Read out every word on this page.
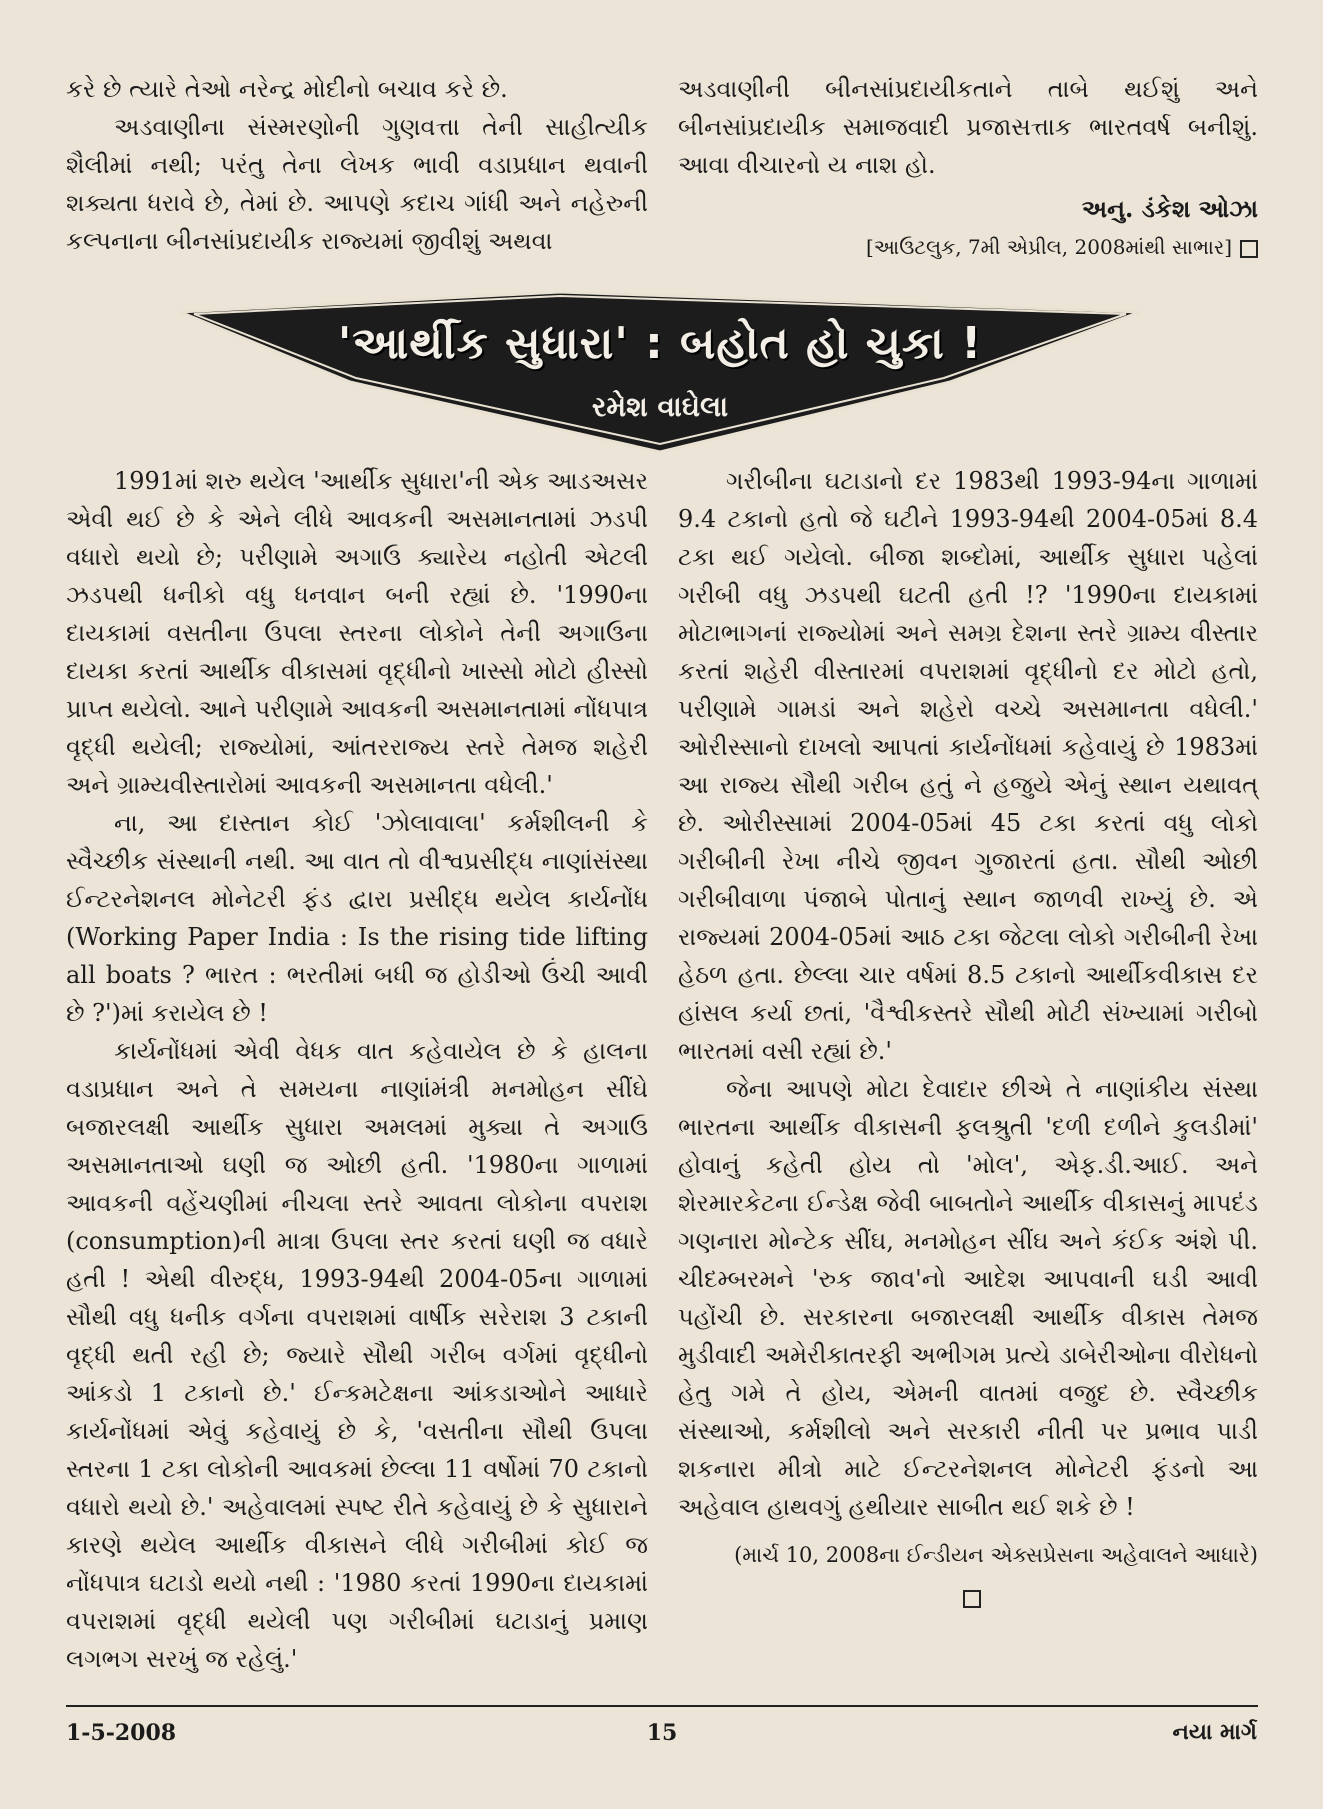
કરે છે ત્યારે તેઓ નરેન્દ્ર મોદીનો બચાવ કરે છે.

અડવાણીના સંસ્મરણોની ગુણવત્તા તેની સાહીત્યીક શૈલીમાં નથી; પરંતુ તેના લેખક ભાવી વડાપ્રધાન થવાની શક્યતા ધરાવે છે, તેમાં છે. આપણે કદાચ ગાંધી અને નહેરુની કલ્પનાના બીનસાંપ્રદાયીક રાજ્યમાં જીવીશું અથવા

અડવાણીની બીનસાંપ્રદાયીકતાને તાબે થઈશું અને બીનસાંપ્રદાયીક સમાજવાદી પ્રજાસત્તાક ભારતવર્ષ બનીશું. આવા વીચારનો ય નાશ હો.

અનુ. ડંકેશ ઓઝા

[આઉટલુક, 7મી એપ્રીલ, 2008માંથી સાભાર]

'આર્થીક સુધારા' : બહોત હો ચુકા !
રમેશ વાઘેલા

1991માં શરુ થયેલ 'આર્થીક સુધારા'ની એક આડઅસર એવી થઈ છે કે એને લીધે આવકની અસમાનતામાં ઝડપી વધારો થયો છે; પરીણામે અગાઉ ક્યારેય નહોતી એટલી ઝડપથી ધનીકો વધુ ધનવાન બની રહ્યાં છે. '1990ના દાયકામાં વસતીના ઉપલા સ્તરના લોકોને તેની અગાઉના દાયકા કરતાં આર્થીક વીકાસમાં વૃદ્ધીનો ખાસ્સો મોટો હીસ્સો પ્રાપ્ત થયેલો. આને પરીણામે આવકની અસમાનતામાં નોંધપાત્ર વૃદ્ધી થયેલી; રાજ્યોમાં, આંતરરાજ્ય સ્તરે તેમજ શહેરી અને ગ્રામ્યવીસ્તારોમાં આવકની અસમાનતા વધેલી.'

ના, આ દાસ્તાન કોઈ 'ઝોલાવાલા' કર્મશીલની કે સ્વૈચ્છીક સંસ્થાની નથી. આ વાત તો વીશ્વપ્રસીદ્ધ નાણાંસંસ્થા ઈન્ટરનેશનલ મોનેટરી ફંડ દ્વારા પ્રસીદ્ધ થયેલ કાર્યનોંધ (Working Paper India : Is the rising tide lifting all boats ? ભારત : ભરતીમાં બધી જ હોડીઓ ઉંચી આવી છે ?')માં કરાયેલ છે !

કાર્યનોંધમાં એવી વેધક વાત કહેવાયેલ છે કે હાલના વડાપ્રધાન અને તે સમયના નાણાંમંત્રી મનમોહન સીંઘે બજારલક્ષી આર્થીક સુધારા અમલમાં મુક્યા તે અગાઉ અસમાનતાઓ ઘણી જ ઓછી હતી. '1980ના ગાળામાં આવકની વહેંચણીમાં નીચલા સ્તરે આવતા લોકોના વપરાશ (consumption)ની માત્રા ઉપલા સ્તર કરતાં ઘણી જ વધારે હતી ! એથી વીરુદ્ધ, 1993-94થી 2004-05ના ગાળામાં સૌથી વધુ ધનીક વર્ગના વપરાશમાં વાર્ષીક સરેરાશ 3 ટકાની વૃદ્ધી થતી રહી છે; જ્યારે સૌથી ગરીબ વર્ગમાં વૃદ્ધીનો આંકડો 1 ટકાનો છે.' ઈન્કમટેક્ષના આંકડાઓને આધારે કાર્યનોંધમાં એવું કહેવાયું છે કે, 'વસતીના સૌથી ઉપલા સ્તરના 1 ટકા લોકોની આવકમાં છેલ્લા 11 વર્ષોમાં 70 ટકાનો વધારો થયો છે.' અહેવાલમાં સ્પષ્ટ રીતે કહેવાયું છે કે સુધારાને કારણે થયેલ આર્થીક વીકાસને લીધે ગરીબીમાં કોઈ જ નોંધપાત્ર ઘટાડો થયો નથી : '1980 કરતાં 1990ના દાયકામાં વપરાશમાં વૃદ્ધી થયેલી પણ ગરીબીમાં ઘટાડાનું પ્રમાણ લગભગ સરખું જ રહેલું.'

ગરીબીના ઘટાડાનો દર 1983થી 1993-94ના ગાળામાં 9.4 ટકાનો હતો જે ઘટીને 1993-94થી 2004-05માં 8.4 ટકા થઈ ગયેલો. બીજા શબ્દોમાં, આર્થીક સુધારા પહેલાં ગરીબી વધુ ઝડપથી ઘટતી હતી !? '1990ના દાયકામાં મોટાભાગનાં રાજ્યોમાં અને સમગ્ર દેશના સ્તરે ગ્રામ્ય વીસ્તાર કરતાં શહેરી વીસ્તારમાં વપરાશમાં વૃદ્ધીનો દર મોટો હતો, પરીણામે ગામડાં અને શહેરો વચ્ચે અસમાનતા વધેલી.' ઓરીસ્સાનો દાખલો આપતાં કાર્યનોંધમાં કહેવાયું છે 1983માં આ રાજ્ય સૌથી ગરીબ હતું ને હજુયે એનું સ્થાન યથાવત્ છે. ઓરીસ્સામાં 2004-05માં 45 ટકા કરતાં વધુ લોકો ગરીબીની રેખા નીચે જીવન ગુજારતાં હતા. સૌથી ઓછી ગરીબીવાળા પંજાબે પોતાનું સ્થાન જાળવી રાખ્યું છે. એ રાજ્યમાં 2004-05માં આઠ ટકા જેટલા લોકો ગરીબીની રેખા હેઠળ હતા. છેલ્લા ચાર વર્ષમાં 8.5 ટકાનો આર્થીકવીકાસ દર હાંસલ કર્યા છતાં, 'વૈશ્વીકસ્તરે સૌથી મોટી સંખ્યામાં ગરીબો ભારતમાં વસી રહ્યાં છે.'

જેના આપણે મોટા દેવાદાર છીએ તે નાણાંકીય સંસ્થા ભારતના આર્થીક વીકાસની ફલશ્રુતી 'દળી દળીને કુલડીમાં' હોવાનું કહેતી હોય તો 'મોલ', એફ.ડી.આઈ. અને શેરમારકેટના ઈન્ડેક્ષ જેવી બાબતોને આર્થીક વીકાસનું માપદંડ ગણનારા મોન્ટેક સીંઘ, મનમોહન સીંઘ અને કંઈક અંશે પી. ચીદમ્બરમને 'રુક જાવ'નો આદેશ આપવાની ઘડી આવી પહોંચી છે. સરકારના બજારલક્ષી આર્થીક વીકાસ તેમજ મુડીવાદી અમેરીકાતરફી અભીગમ પ્રત્યે ડાબેરીઓના વીરોધનો હેતુ ગમે તે હોય, એમની વાતમાં વજુદ છે. સ્વૈચ્છીક સંસ્થાઓ, કર્મશીલો અને સરકારી નીતી પર પ્રભાવ પાડી શકનારા મીત્રો માટે ઈન્ટરનેશનલ મોનેટરી ફંડનો આ અહેવાલ હાથવગું હથીયાર સાબીત થઈ શકે છે !

(માર્ચ 10, 2008ના ઈન્ડીયન એક્સપ્રેસના અહેવાલને આધારે)

1-5-2008	15	નયા માર્ગ
